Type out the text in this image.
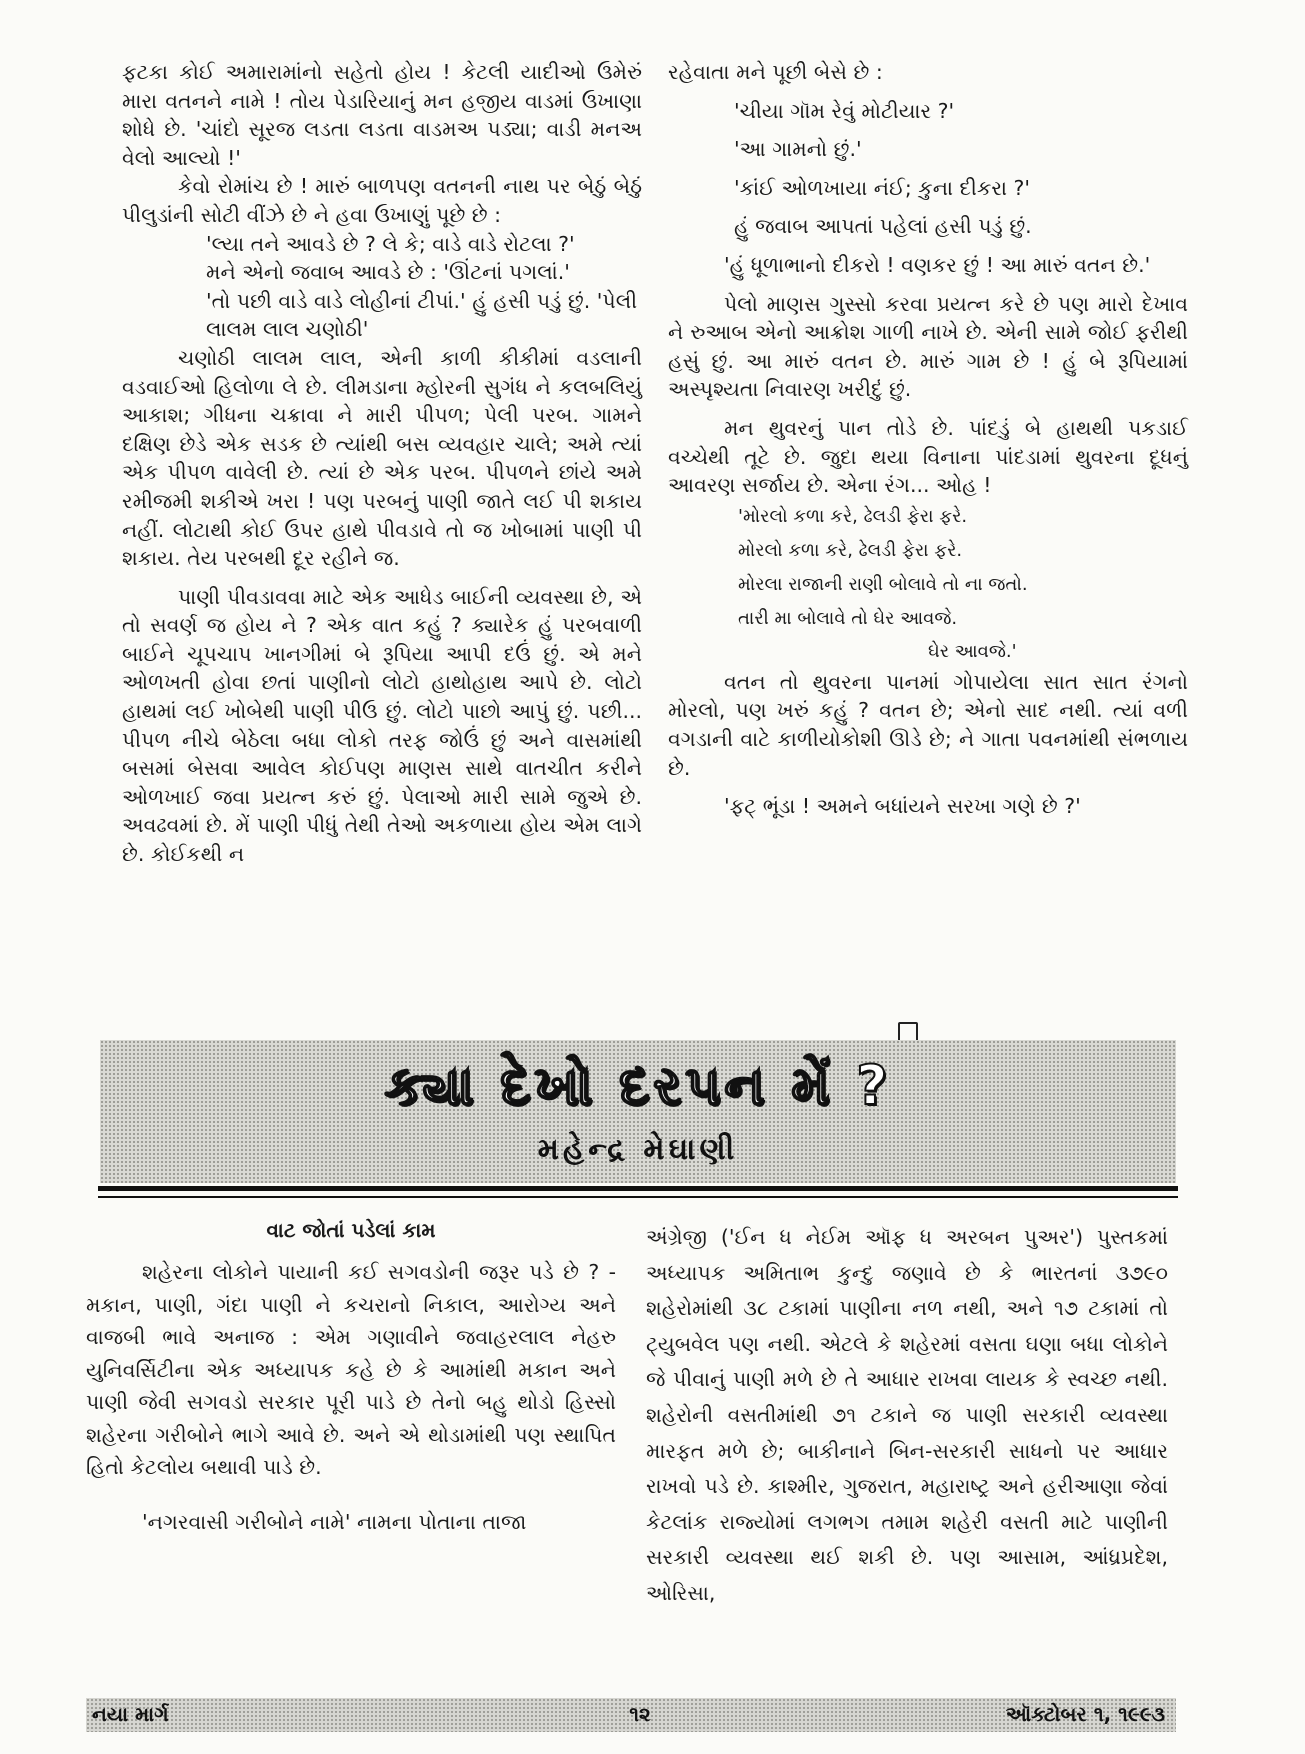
ફટકા કોઈ અમારામાંનો સહેતો હોય ! કેટલી યાદીઓ ઉમેરું મારા વતનને નામે ! તોય પેડારિયાનું મન હજીય વાડમાં ઉખાણા શોધે છે. 'ચાંદો સૂરજ લડતા લડતા વાડમઅ પડ્યા; વાડી મનઅ વેલો આલ્યો !'

કેવો રોમાંચ છે ! મારું બાળપણ વતનની નાથ પર બેઠું બેઠું પીલુડાંની સોટી વીંઝે છે ને હવા ઉખાણું પૂછે છે :

'લ્યા તને આવડે છે ? લે કે; વાડે વાડે રોટલા ?'

મને એનો જવાબ આવડે છે : 'ઊંટનાં પગલાં.'

'તો પછી વાડે વાડે લોહીનાં ટીપાં.' હું હસી પડું છું. 'પેલી લાલમ લાલ ચણોઠી'

ચણોઠી લાલમ લાલ, એની કાળી કીકીમાં વડલાની વડવાઈઓ હિલોળા લે છે. લીમડાના મ્હોરની સુગંધ ને કલબલિયું આકાશ; ગીધના ચક્રાવા ને મારી પીપળ; પેલી પરબ. ગામને દક્ષિણ છેડે એક સડક છે ત્યાંથી બસ વ્યવહાર ચાલે; અમે ત્યાં એક પીપળ વાવેલી છે. ત્યાં છે એક પરબ. પીપળને છાંયે અમે રમીજમી શકીએ ખરા ! પણ પરબનું પાણી જાતે લઈ પી શકાય નહીં. લોટાથી કોઈ ઉપર હાથે પીવડાવે તો જ ખોબામાં પાણી પી શકાય. તેય પરબથી દૂર રહીને જ.

પાણી પીવડાવવા માટે એક આધેડ બાઈની વ્યવસ્થા છે, એ તો સવર્ણ જ હોય ને ? એક વાત કહું ? ક્યારેક હું પરબવાળી બાઈને ચૂપચાપ ખાનગીમાં બે રૂપિયા આપી દઉં છું. એ મને ઓળખતી હોવા છતાં પાણીનો લોટો હાથોહાથ આપે છે. લોટો હાથમાં લઈ ખોબેથી પાણી પીઉ છું. લોટો પાછો આપું છું. પછી... પીપળ નીચે બેઠેલા બધા લોકો તરફ જોઉં છું અને વાસમાંથી બસમાં બેસવા આવેલ કોઈપણ માણસ સાથે વાતચીત કરીને ઓળખાઈ જવા પ્રયત્ન કરું છું. પેલાઓ મારી સામે જુએ છે. અવઢવમાં છે. મેં પાણી પીધું તેથી તેઓ અકળાયા હોય એમ લાગે છે. કોઈકથી ન

રહેવાતા મને પૂછી બેસે છે :

'ચીયા ગૉમ રેવું મોટીયાર ?'

'આ ગામનો છું.'

'કાંઈ ઓળખાયા નંઈ; કુના દીકરા ?'

હું જવાબ આપતાં પહેલાં હસી પડું છું.

'હું ધૂળાભાનો દીકરો ! વણકર છું ! આ મારું વતન છે.'

પેલો માણસ ગુસ્સો કરવા પ્રયત્ન કરે છે પણ મારો દેખાવ ને રુઆબ એનો આક્રોશ ગાળી નાખે છે. એની સામે જોઈ ફરીથી હસું છું. આ મારું વતન છે. મારું ગામ છે ! હું બે રૂપિયામાં અસ્પૃશ્યતા નિવારણ ખરીદું છું.

મન થુવરનું પાન તોડે છે. પાંદડું બે હાથથી પકડાઈ વચ્ચેથી તૂટે છે. જુદા થયા વિનાના પાંદડામાં થુવરના દૂધનું આવરણ સર્જાય છે. એના રંગ... ઓહ !

'મોરલો કળા કરે, ઢેલડી ફેરા ફરે.

મોરલો કળા કરે, ઢેલડી ફેરા ફરે.

મોરલા રાજાની રાણી બોલાવે તો ના જતો.

તારી મા બોલાવે તો ઘેર આવજે.

ઘેર આવજે.'

વતન તો થુવરના પાનમાં ગોપાયેલા સાત સાત રંગનો મોરલો, પણ ખરું કહું ? વતન છે; એનો સાદ નથી. ત્યાં વળી વગડાની વાટે કાળીયોકોશી ઊડે છે; ને ગાતા પવનમાંથી સંભળાય છે.

'ફટ્ ભૂંડા ! અમને બધાંયને સરખા ગણે છે ?'

ક્યા દેખો દરપન મેં ?
મહેન્દ્ર મેઘાણી
વાટ જોતાં પડેલાં કામ

શહેરના લોકોને પાયાની કઈ સગવડોની જરૂર પડે છે ? - મકાન, પાણી, ગંદા પાણી ને કચરાનો નિકાલ, આરોગ્ય અને વાજબી ભાવે અનાજ : એમ ગણાવીને જવાહરલાલ નેહરુ યુનિવર્સિટીના એક અધ્યાપક કહે છે કે આમાંથી મકાન અને પાણી જેવી સગવડો સરકાર પૂરી પાડે છે તેનો બહુ થોડો હિસ્સો શહેરના ગરીબોને ભાગે આવે છે. અને એ થોડામાંથી પણ સ્થાપિત હિતો કેટલોય બથાવી પાડે છે.

'નગરવાસી ગરીબોને નામે' નામના પોતાના તાજા

અંગ્રેજી ('ઈન ધ નેઈમ ઑફ ધ અરબન પુઅર') પુસ્તકમાં અધ્યાપક અમિતાભ કુન્દુ જણાવે છે કે ભારતનાં ૩૭૯૦ શહેરોમાંથી ૩૮ ટકામાં પાણીના નળ નથી, અને ૧૭ ટકામાં તો ટ્યુબવેલ પણ નથી. એટલે કે શહેરમાં વસતા ઘણા બધા લોકોને જે પીવાનું પાણી મળે છે તે આધાર રાખવા લાયક કે સ્વચ્છ નથી. શહેરોની વસતીમાંથી ૭૧ ટકાને જ પાણી સરકારી વ્યવસ્થા મારફત મળે છે; બાકીનાને બિન-સરકારી સાધનો પર આધાર રાખવો પડે છે. કાશ્મીર, ગુજરાત, મહારાષ્ટ્ર અને હરીઆણા જેવાં કેટલાંક રાજ્યોમાં લગભગ તમામ શહેરી વસતી માટે પાણીની સરકારી વ્યવસ્થા થઈ શકી છે. પણ આસામ, આંધ્રપ્રદેશ, ઓરિસા,

નયા માર્ગ	૧૨	ઑક્ટોબર ૧, ૧૯૯૩
